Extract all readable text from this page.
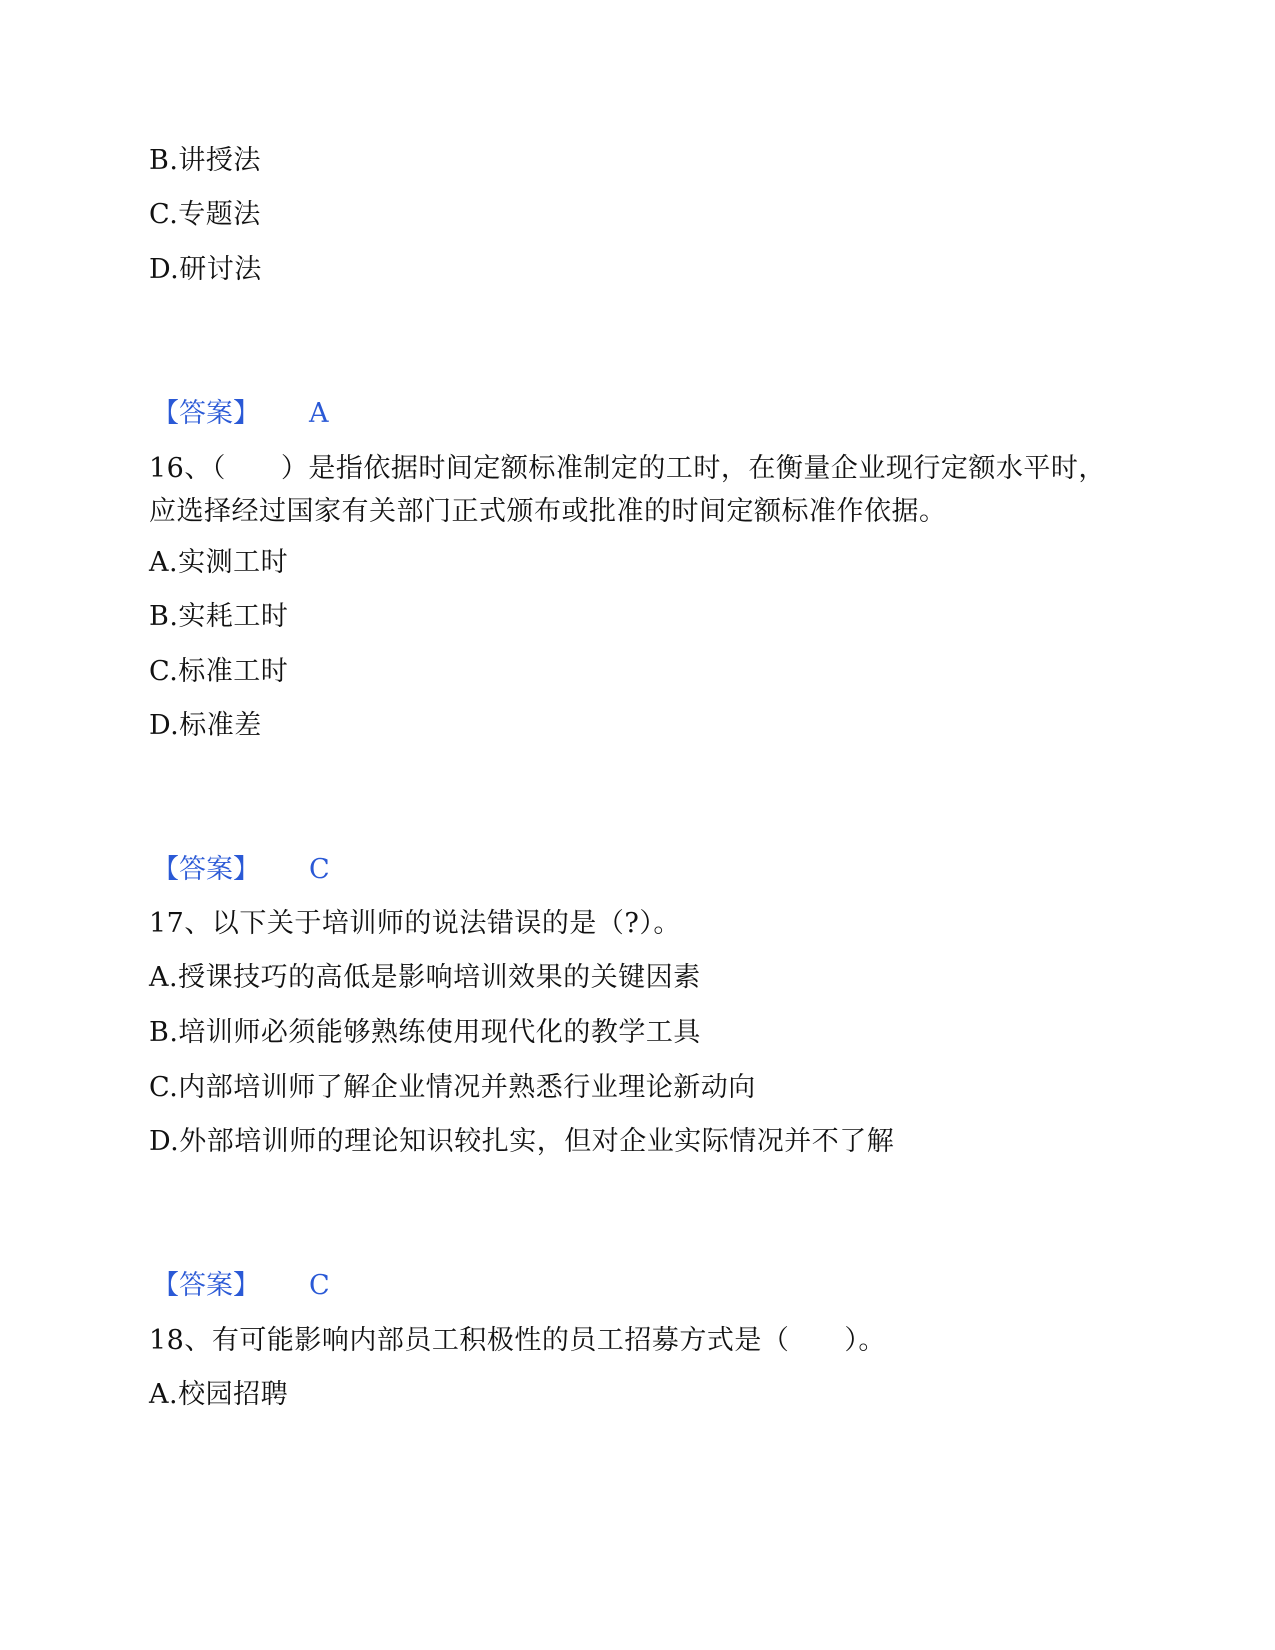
B.讲授法
C.专题法
D.研讨法
【答案】 A
16、（　　）是指依据时间定额标准制定的工时，在衡量企业现行定额水平时，应选择经过国家有关部门正式颁布或批准的时间定额标准作依据。
A.实测工时
B.实耗工时
C.标准工时
D.标准差
【答案】 C
17、以下关于培训师的说法错误的是（?）。
A.授课技巧的高低是影响培训效果的关键因素
B.培训师必须能够熟练使用现代化的教学工具
C.内部培训师了解企业情况并熟悉行业理论新动向
D.外部培训师的理论知识较扎实，但对企业实际情况并不了解
【答案】 C
18、有可能影响内部员工积极性的员工招募方式是（　　）。
A.校园招聘
